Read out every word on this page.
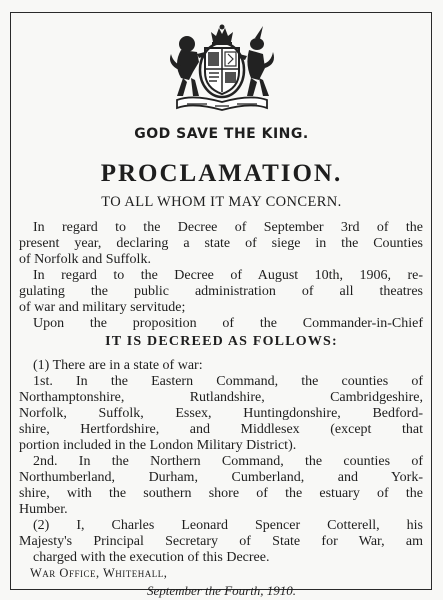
GOD SAVE THE KING.
PROCLAMATION.
TO ALL WHOM IT MAY CONCERN.
In regard to the Decree of September 3rd of the
present year, declaring a state of siege in the Counties
of Norfolk and Suffolk.
In regard to the Decree of August 10th, 1906, re-
gulating the public administration of all theatres
of war and military servitude;
Upon the proposition of the Commander-in-Chief
IT IS DECREED AS FOLLOWS:
(1) There are in a state of war:
1st. In the Eastern Command, the counties of
Northamptonshire, Rutlandshire, Cambridgeshire,
Norfolk, Suffolk, Essex, Huntingdonshire, Bedford-
shire, Hertfordshire, and Middlesex (except that
portion included in the London Military District).
2nd. In the Northern Command, the counties of
Northumberland, Durham, Cumberland, and York-
shire, with the southern shore of the estuary of the
Humber.
(2) I, Charles Leonard Spencer Cotterell, his
Majesty's Principal Secretary of State for War, am
charged with the execution of this Decree.
War Office, Whitehall,
September the Fourth, 1910.
